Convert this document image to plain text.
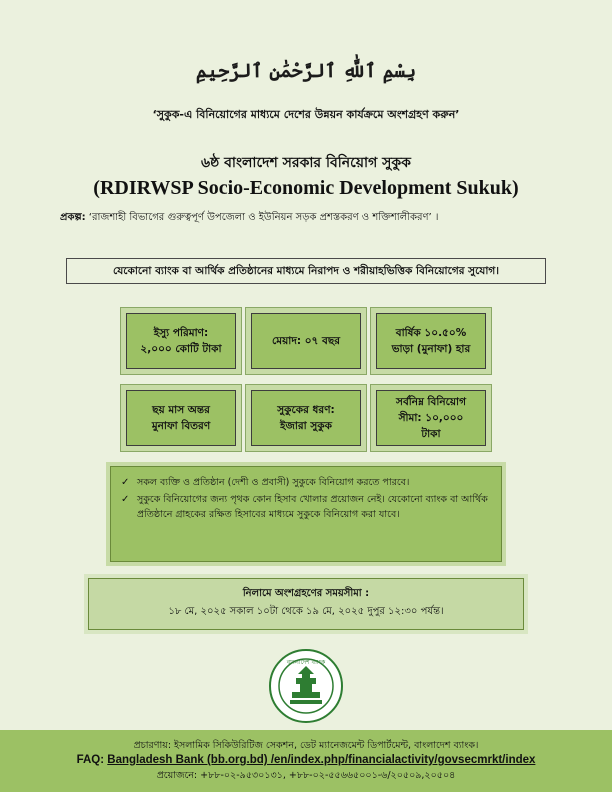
بِسْمِ ٱللَّٰهِ ٱلرَّحْمَٰنِ ٱلرَّحِيمِ
‘সুকুক-এ বিনিয়োগের মাধ্যমে দেশের উন্নয়ন কার্যক্রমে অংশগ্রহণ করুন’
৬ষ্ঠ বাংলাদেশ সরকার বিনিয়োগ সুকুক
(RDIRWSP Socio-Economic Development Sukuk)
প্রকল্প: ‘রাজশাহী বিভাগের গুরুত্বপূর্ণ উপজেলা ও ইউনিয়ন সড়ক প্রশস্তকরণ ও শক্তিশালীকরণ’ ।
যেকোনো ব্যাংক বা আর্থিক প্রতিষ্ঠানের মাধ্যমে নিরাপদ ও শরীয়াহভিত্তিক বিনিয়োগের সুযোগ।
ইস্যু পরিমাণ:
২,০০০ কোটি টাকা
মেয়াদ: ০৭ বছর
বার্ষিক ১০.৫০%
ভাড়া (মুনাফা) হার
ছয় মাস অন্তর
মুনাফা বিতরণ
সুকুকের ধরণ:
ইজারা সুকুক
সর্বনিম্ন বিনিয়োগ
সীমা: ১০,০০০
টাকা
✓ সকল ব্যক্তি ও প্রতিষ্ঠান (দেশী ও প্রবাসী) সুকুকে বিনিয়োগ করতে পারবে।
✓ সুকুকে বিনিয়োগের জন্য পৃথক কোন হিসাব খোলার প্রয়োজন নেই। যেকোনো ব্যাংক বা আর্থিক প্রতিষ্ঠানে গ্রাহকের রক্ষিত হিসাবের মাধ্যমে সুকুকে বিনিয়োগ করা যাবে।
নিলামে অংশগ্রহণের সময়সীমা :
১৮ মে, ২০২৫ সকাল ১০টা থেকে ১৯ মে, ২০২৫ দুপুর ১২:৩০ পর্যন্ত।
বাংলাদেশ ব্যাংক
প্রচারণায়: ইসলামিক সিকিউরিটিজ সেকশন, ডেট ম্যানেজমেন্ট ডিপার্টমেন্ট, বাংলাদেশ ব্যাংক।
FAQ: Bangladesh Bank (bb.org.bd) /en/index.php/financialactivity/govsecmrkt/index
প্রয়োজনে: +৮৮-০২-৯৫৩০১৩১, +৮৮-০২-৫৫৬৬৫০০১-৬/২০৫০৯,২০৫০৪
